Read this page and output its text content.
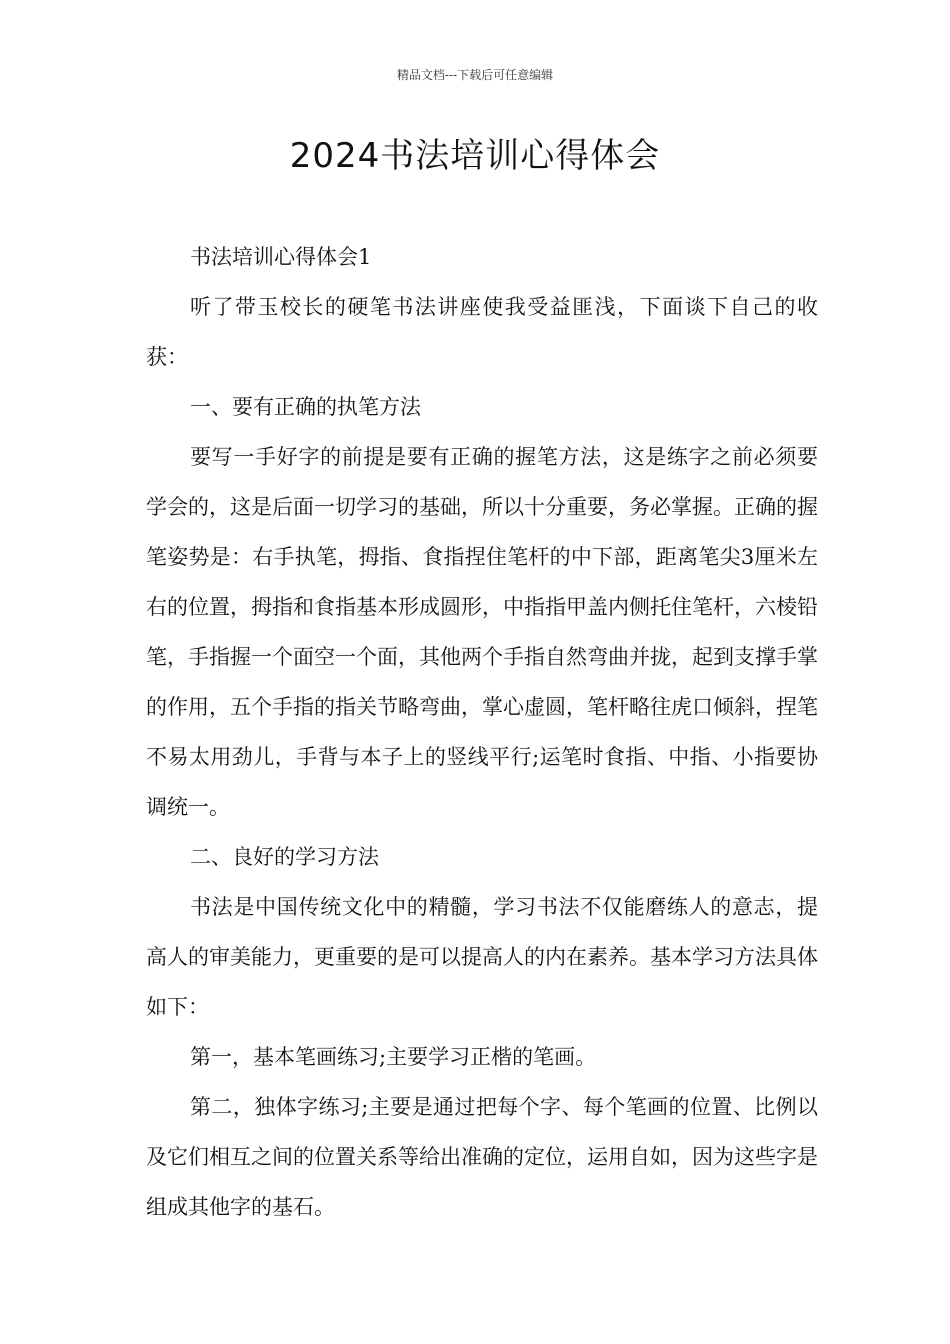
精品文档---下载后可任意编辑
2024书法培训心得体会

书法培训心得体会1

听了带玉校长的硬笔书法讲座使我受益匪浅，下面谈下自己的收获：

一、要有正确的执笔方法

要写一手好字的前提是要有正确的握笔方法，这是练字之前必须要学会的，这是后面一切学习的基础，所以十分重要，务必掌握。正确的握笔姿势是：右手执笔，拇指、食指捏住笔杆的中下部，距离笔尖3厘米左右的位置，拇指和食指基本形成圆形，中指指甲盖内侧托住笔杆，六棱铅笔，手指握一个面空一个面，其他两个手指自然弯曲并拢，起到支撑手掌的作用，五个手指的指关节略弯曲，掌心虚圆，笔杆略往虎口倾斜，捏笔不易太用劲儿，手背与本子上的竖线平行;运笔时食指、中指、小指要协调统一。

二、良好的学习方法

书法是中国传统文化中的精髓，学习书法不仅能磨练人的意志，提高人的审美能力，更重要的是可以提高人的内在素养。基本学习方法具体如下：

第一，基本笔画练习;主要学习正楷的笔画。

第二，独体字练习;主要是通过把每个字、每个笔画的位置、比例以及它们相互之间的位置关系等给出准确的定位，运用自如，因为这些字是组成其他字的基石。
